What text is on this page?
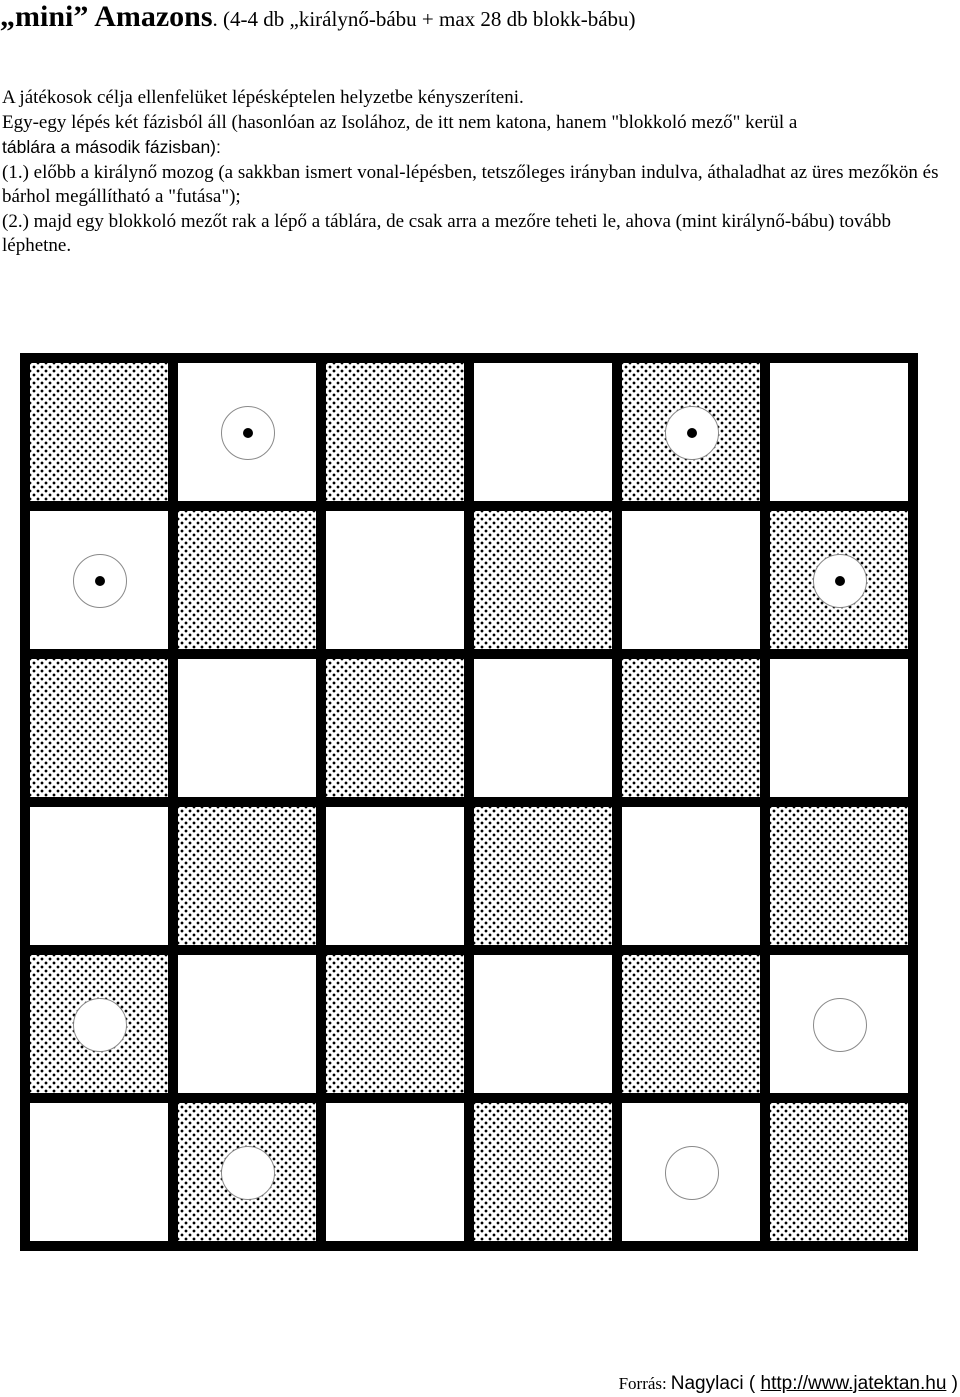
„mini” Amazons. (4-4 db „királynő-bábu + max 28 db blokk-bábu)

A játékosok célja ellenfelüket lépésképtelen helyzetbe kényszeríteni.

Egy-egy lépés két fázisból áll (hasonlóan az Isolához, de itt nem katona, hanem "blokkoló mező" kerül a
táblára a második fázisban):

(1.) előbb a királynő mozog (a sakkban ismert vonal-lépésben, tetszőleges irányban indulva, áthaladhat az üres mezőkön és bárhol megállítható a "futása");

(2.) majd egy blokkoló mezőt rak a lépő a táblára, de csak arra a mezőre teheti le, ahova (mint királynő-bábu) tovább léphetne.

Forrás: Nagylaci ( http://www.jatektan.hu )
